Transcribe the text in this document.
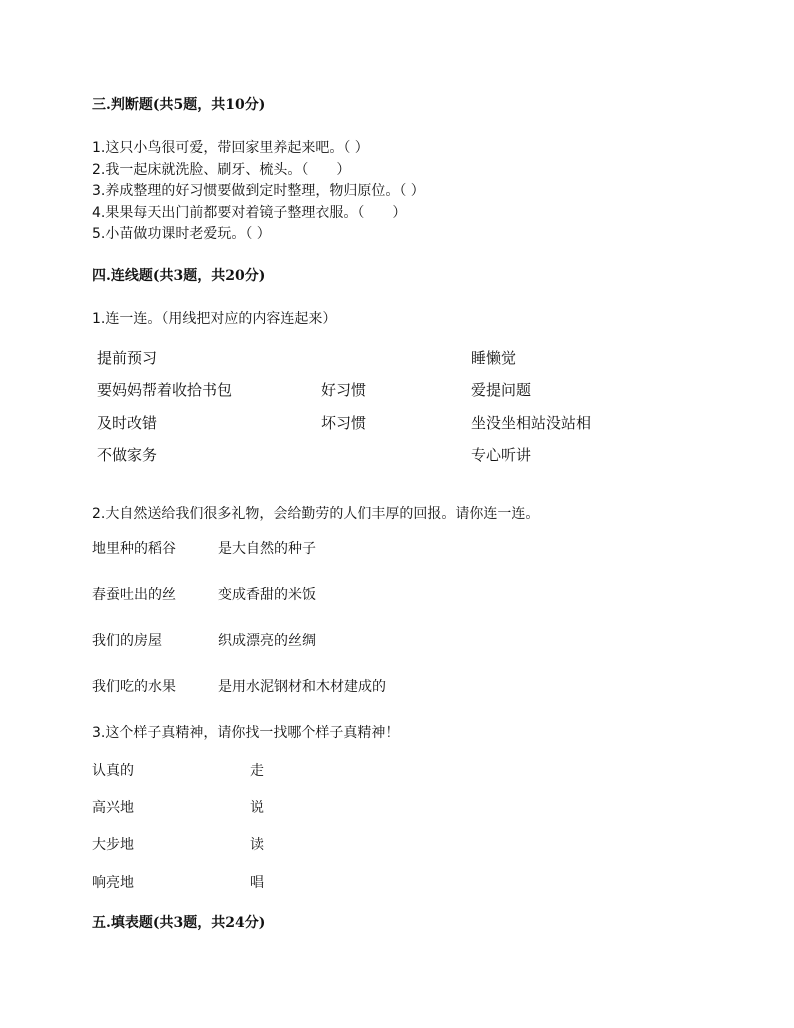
三.判断题(共5题，共10分)
1.这只小鸟很可爱，带回家里养起来吧。（ ）
2.我一起床就洗脸、刷牙、梳头。（　　）
3.养成整理的好习惯要做到定时整理，物归原位。（ ）
4.果果每天出门前都要对着镜子整理衣服。（　　）
5.小苗做功课时老爱玩。（ ）
四.连线题(共3题，共20分)
1.连一连。（用线把对应的内容连起来）
提前预习
要妈妈帮着收拾书包
及时改错
不做家务
好习惯
坏习惯
睡懒觉
爱提问题
坐没坐相站没站相
专心听讲
2.大自然送给我们很多礼物，会给勤劳的人们丰厚的回报。请你连一连。
地里种的稻谷
春蚕吐出的丝
我们的房屋
我们吃的水果
是大自然的种子
变成香甜的米饭
织成漂亮的丝绸
是用水泥钢材和木材建成的
3.这个样子真精神，请你找一找哪个样子真精神！
认真的
高兴地
大步地
响亮地
走
说
读
唱
五.填表题(共3题，共24分)
